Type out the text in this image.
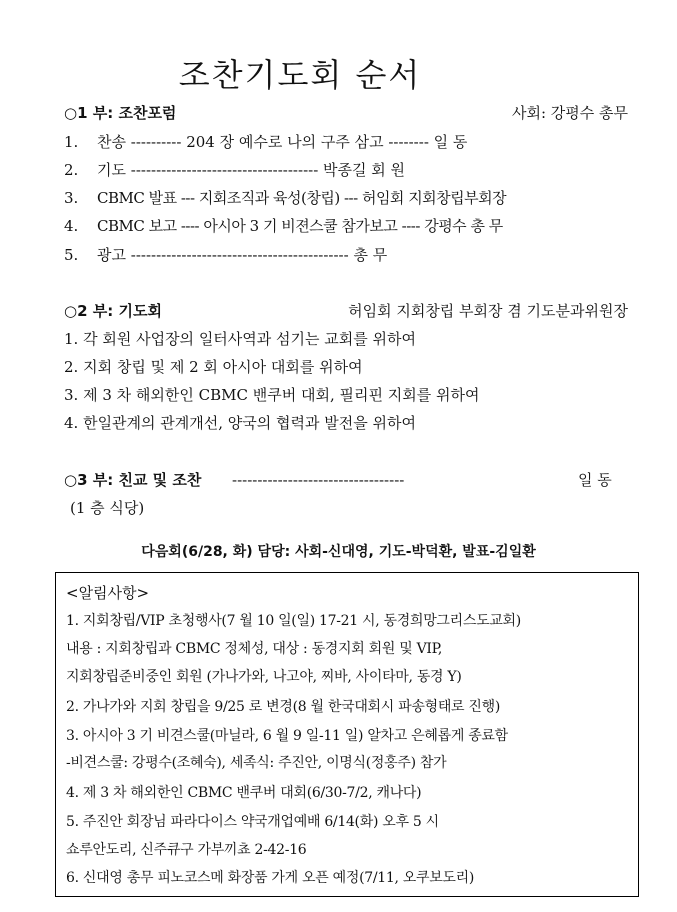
조찬기도회 순서
○1 부: 조찬포럼	사회: 강평수 총무
1. 찬송 ---------- 204 장 예수로 나의 구주 삼고 -------- 일 동
2. 기도 ------------------------------------- 박종길 회 원
3. CBMC 발표 --- 지회조직과 육성(창립) --- 허임회 지회창립부회장
4. CBMC 보고 ---- 아시아 3 기 비젼스쿨 참가보고 ---- 강평수 총 무
5. 광고 ------------------------------------------- 총 무
○2 부: 기도회	허임회 지회창립 부회장 겸 기도분과위원장
1. 각 회원 사업장의 일터사역과 섬기는 교회를 위하여
2. 지회 창립 및 제 2 회 아시아 대회를 위하여
3. 제 3 차 해외한인 CBMC 밴쿠버 대회, 필리핀 지회를 위하여
4. 한일관계의 관계개선, 양국의 협력과 발전을 위하여
○3 부: 친교 및 조찬 ----------------------------------	일 동
(1 층 식당)
다음회(6/28, 화) 담당: 사회-신대영, 기도-박덕환, 발표-김일환
<알림사항>
1. 지회창립/VIP 초청행사(7 월 10 일(일) 17-21 시, 동경희망그리스도교회)
내용 : 지회창립과 CBMC 정체성, 대상 : 동경지회 회원 및 VIP,
지회창립준비중인 회원 (가나가와, 나고야, 찌바, 사이타마, 동경 Y)
2. 가나가와 지회 창립을 9/25 로 변경(8 월 한국대회시 파송형태로 진행)
3. 아시아 3 기 비견스쿨(마닐라, 6 월 9 일-11 일) 알차고 은혜롭게 종료함
-비견스쿨: 강평수(조혜숙), 세족식: 주진안, 이명식(정홍주) 참가
4. 제 3 차 해외한인 CBMC 밴쿠버 대회(6/30-7/2, 캐나다)
5. 주진안 회장님 파라다이스 약국개업예배 6/14(화) 오후 5 시
쇼루안도리, 신주큐구 가부끼쵸 2-42-16
6. 신대영 총무 피노코스메 화장품 가게 오픈 예정(7/11, 오쿠보도리)
